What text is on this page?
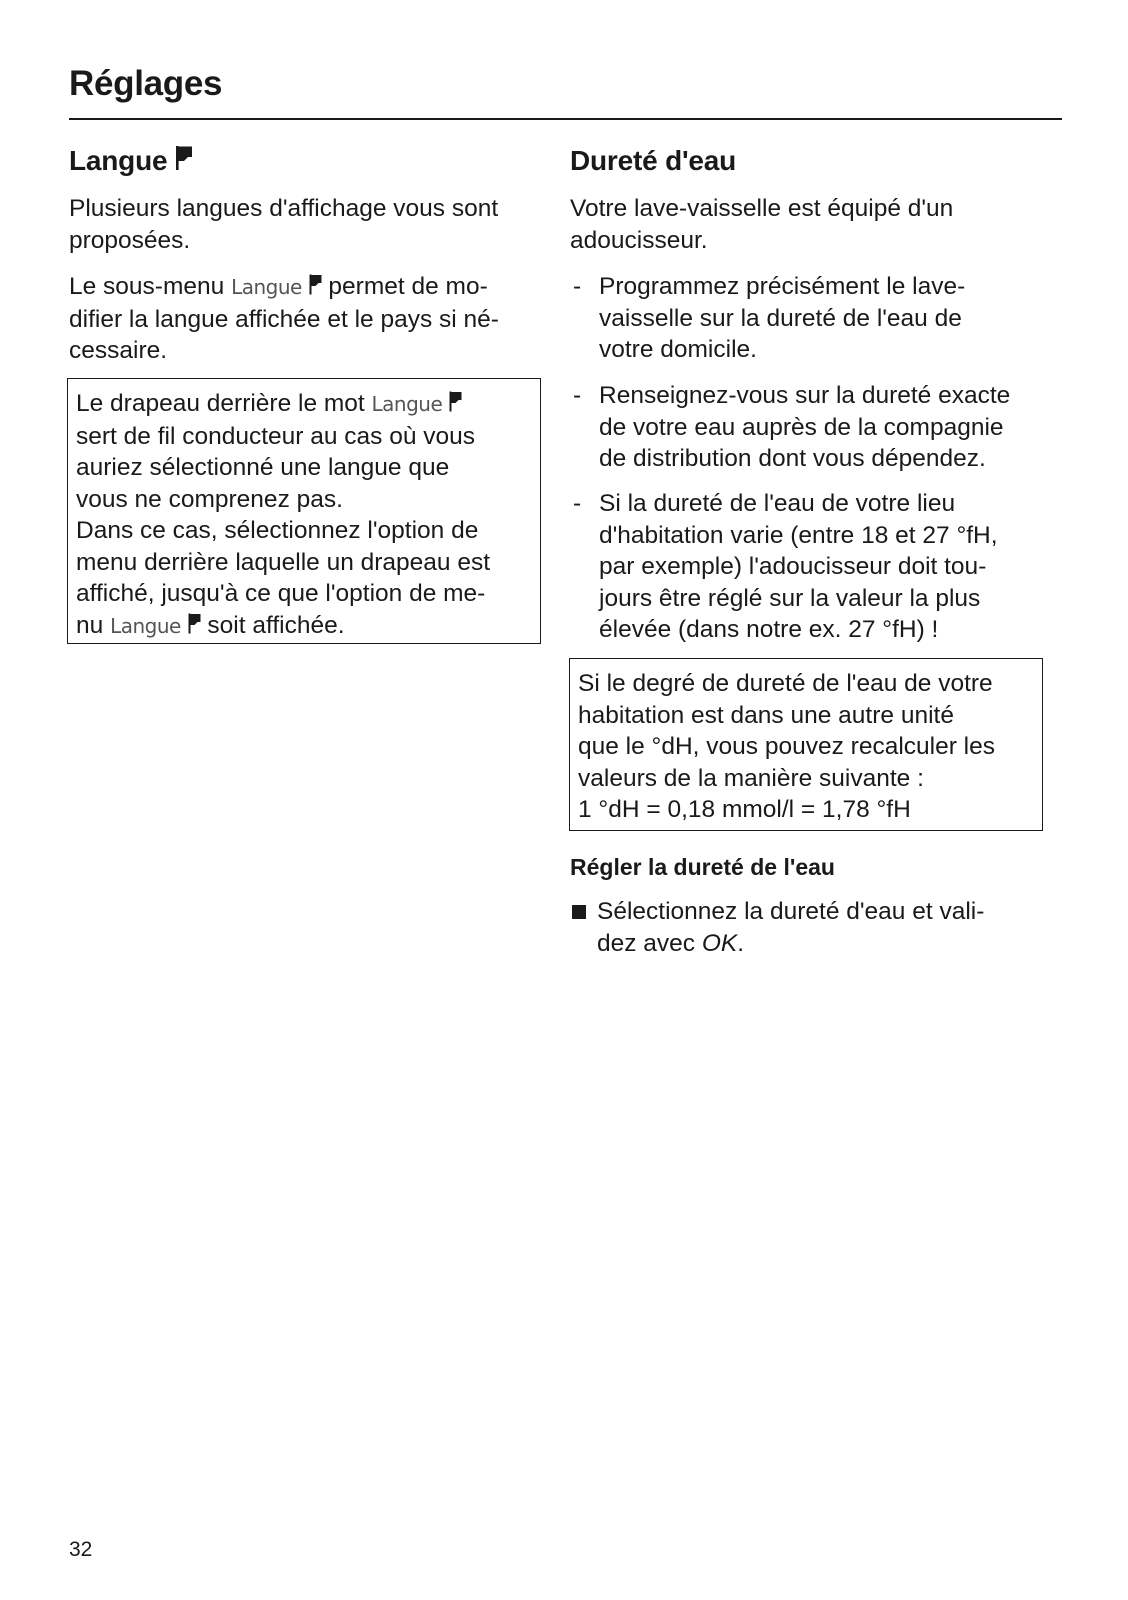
Réglages
Langue
Plusieurs langues d'affichage vous sont
proposées.
Le sous-menu Langue  permet de mo-
difier la langue affichée et le pays si né-
cessaire.
Le drapeau derrière le mot Langue
sert de fil conducteur au cas où vous
auriez sélectionné une langue que
vous ne comprenez pas.
Dans ce cas, sélectionnez l'option de
menu derrière laquelle un drapeau est
affiché, jusqu'à ce que l'option de me-
nu Langue  soit affichée.
Dureté d'eau
Votre lave-vaisselle est équipé d'un
adoucisseur.
- Programmez précisément le lave-
vaisselle sur la dureté de l'eau de
votre domicile.
- Renseignez-vous sur la dureté exacte
de votre eau auprès de la compagnie
de distribution dont vous dépendez.
- Si la dureté de l'eau de votre lieu
d'habitation varie (entre 18 et 27 °fH,
par exemple) l'adoucisseur doit tou-
jours être réglé sur la valeur la plus
élevée (dans notre ex. 27 °fH) !
Si le degré de dureté de l'eau de votre
habitation est dans une autre unité
que le °dH, vous pouvez recalculer les
valeurs de la manière suivante :
1 °dH = 0,18 mmol/l = 1,78 °fH
Régler la dureté de l'eau
Sélectionnez la dureté d'eau et vali-
dez avec OK.
32
